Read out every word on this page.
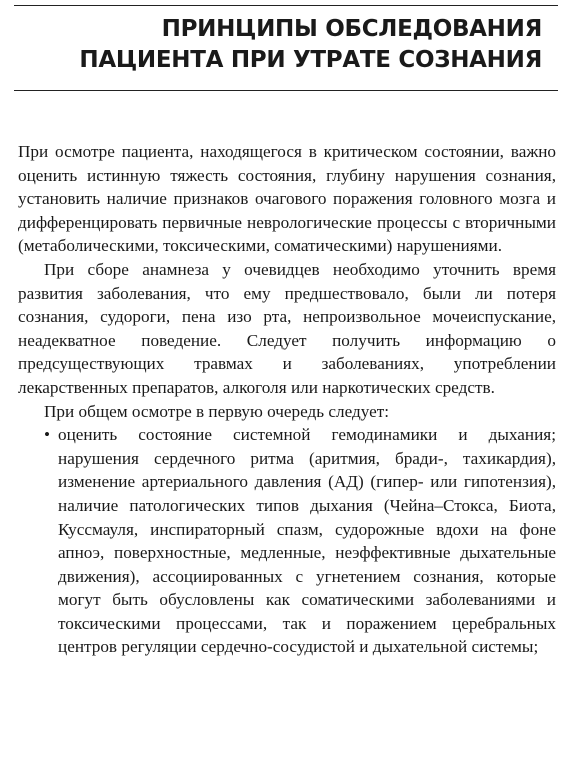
ПРИНЦИПЫ ОБСЛЕДОВАНИЯ
ПАЦИЕНТА ПРИ УТРАТЕ СОЗНАНИЯ

При осмотре пациента, находящегося в критическом состоянии, важно оценить истинную тяжесть состояния, глубину нарушения сознания, установить наличие признаков очагового поражения головного мозга и дифференцировать первичные неврологические процессы с вторичными (метаболическими, токсическими, соматическими) нарушениями.

При сборе анамнеза у очевидцев необходимо уточнить время развития заболевания, что ему предшествовало, были ли потеря сознания, судороги, пена изо рта, непроизвольное мочеиспускание, неадекватное поведение. Следует получить информацию о предсуществующих травмах и заболеваниях, употреблении лекарственных препаратов, алкоголя или наркотических средств.

При общем осмотре в первую очередь следует:

• оценить состояние системной гемодинамики и дыхания; нарушения сердечного ритма (аритмия, бради-, тахикардия), изменение артериального давления (АД) (гипер- или гипотензия), наличие патологических типов дыхания (Чейна–Стокса, Биота, Куссмауля, инспираторный спазм, судорожные вдохи на фоне апноэ, поверхностные, медленные, неэффективные дыхательные движения), ассоциированных с угнетением сознания, которые могут быть обусловлены как соматическими заболеваниями и токсическими процессами, так и поражением церебральных центров регуляции сердечно-сосудистой и дыхательной системы;
